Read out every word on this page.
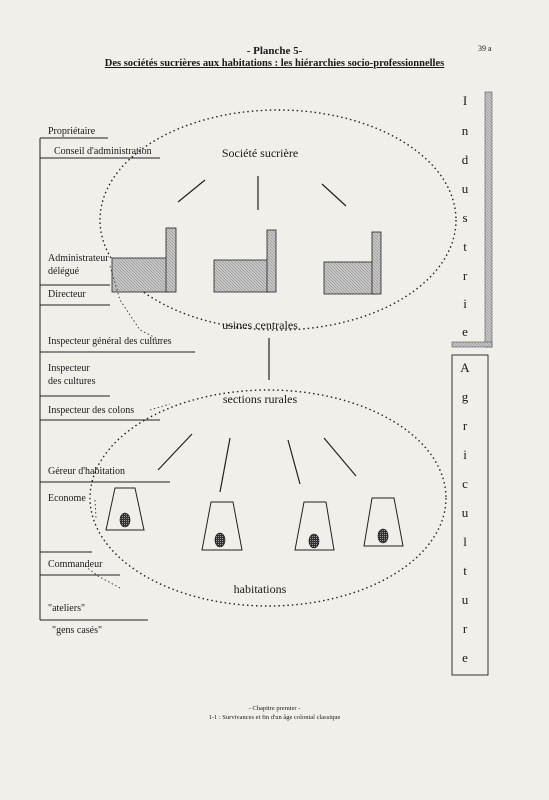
39 a
- Planche 5-
Des sociétés sucrières aux habitations : les hiérarchies socio-professionnelles
Propriétaire
Conseil d'administration
Administrateur
délégué
Directeur
Inspecteur général des cultures
Inspecteur
des cultures
Inspecteur des colons
Géreur d'habitation
Econome
Commandeur
"ateliers"
"gens casés"
Société sucrière
usines centrales
sections rurales
habitations
I
n
d
u
s
t
r
i
e
A
g
r
i
c
u
l
t
u
r
e
- Chapitre premier -
1-1 : Survivances et fin d'un âge colonial classique
